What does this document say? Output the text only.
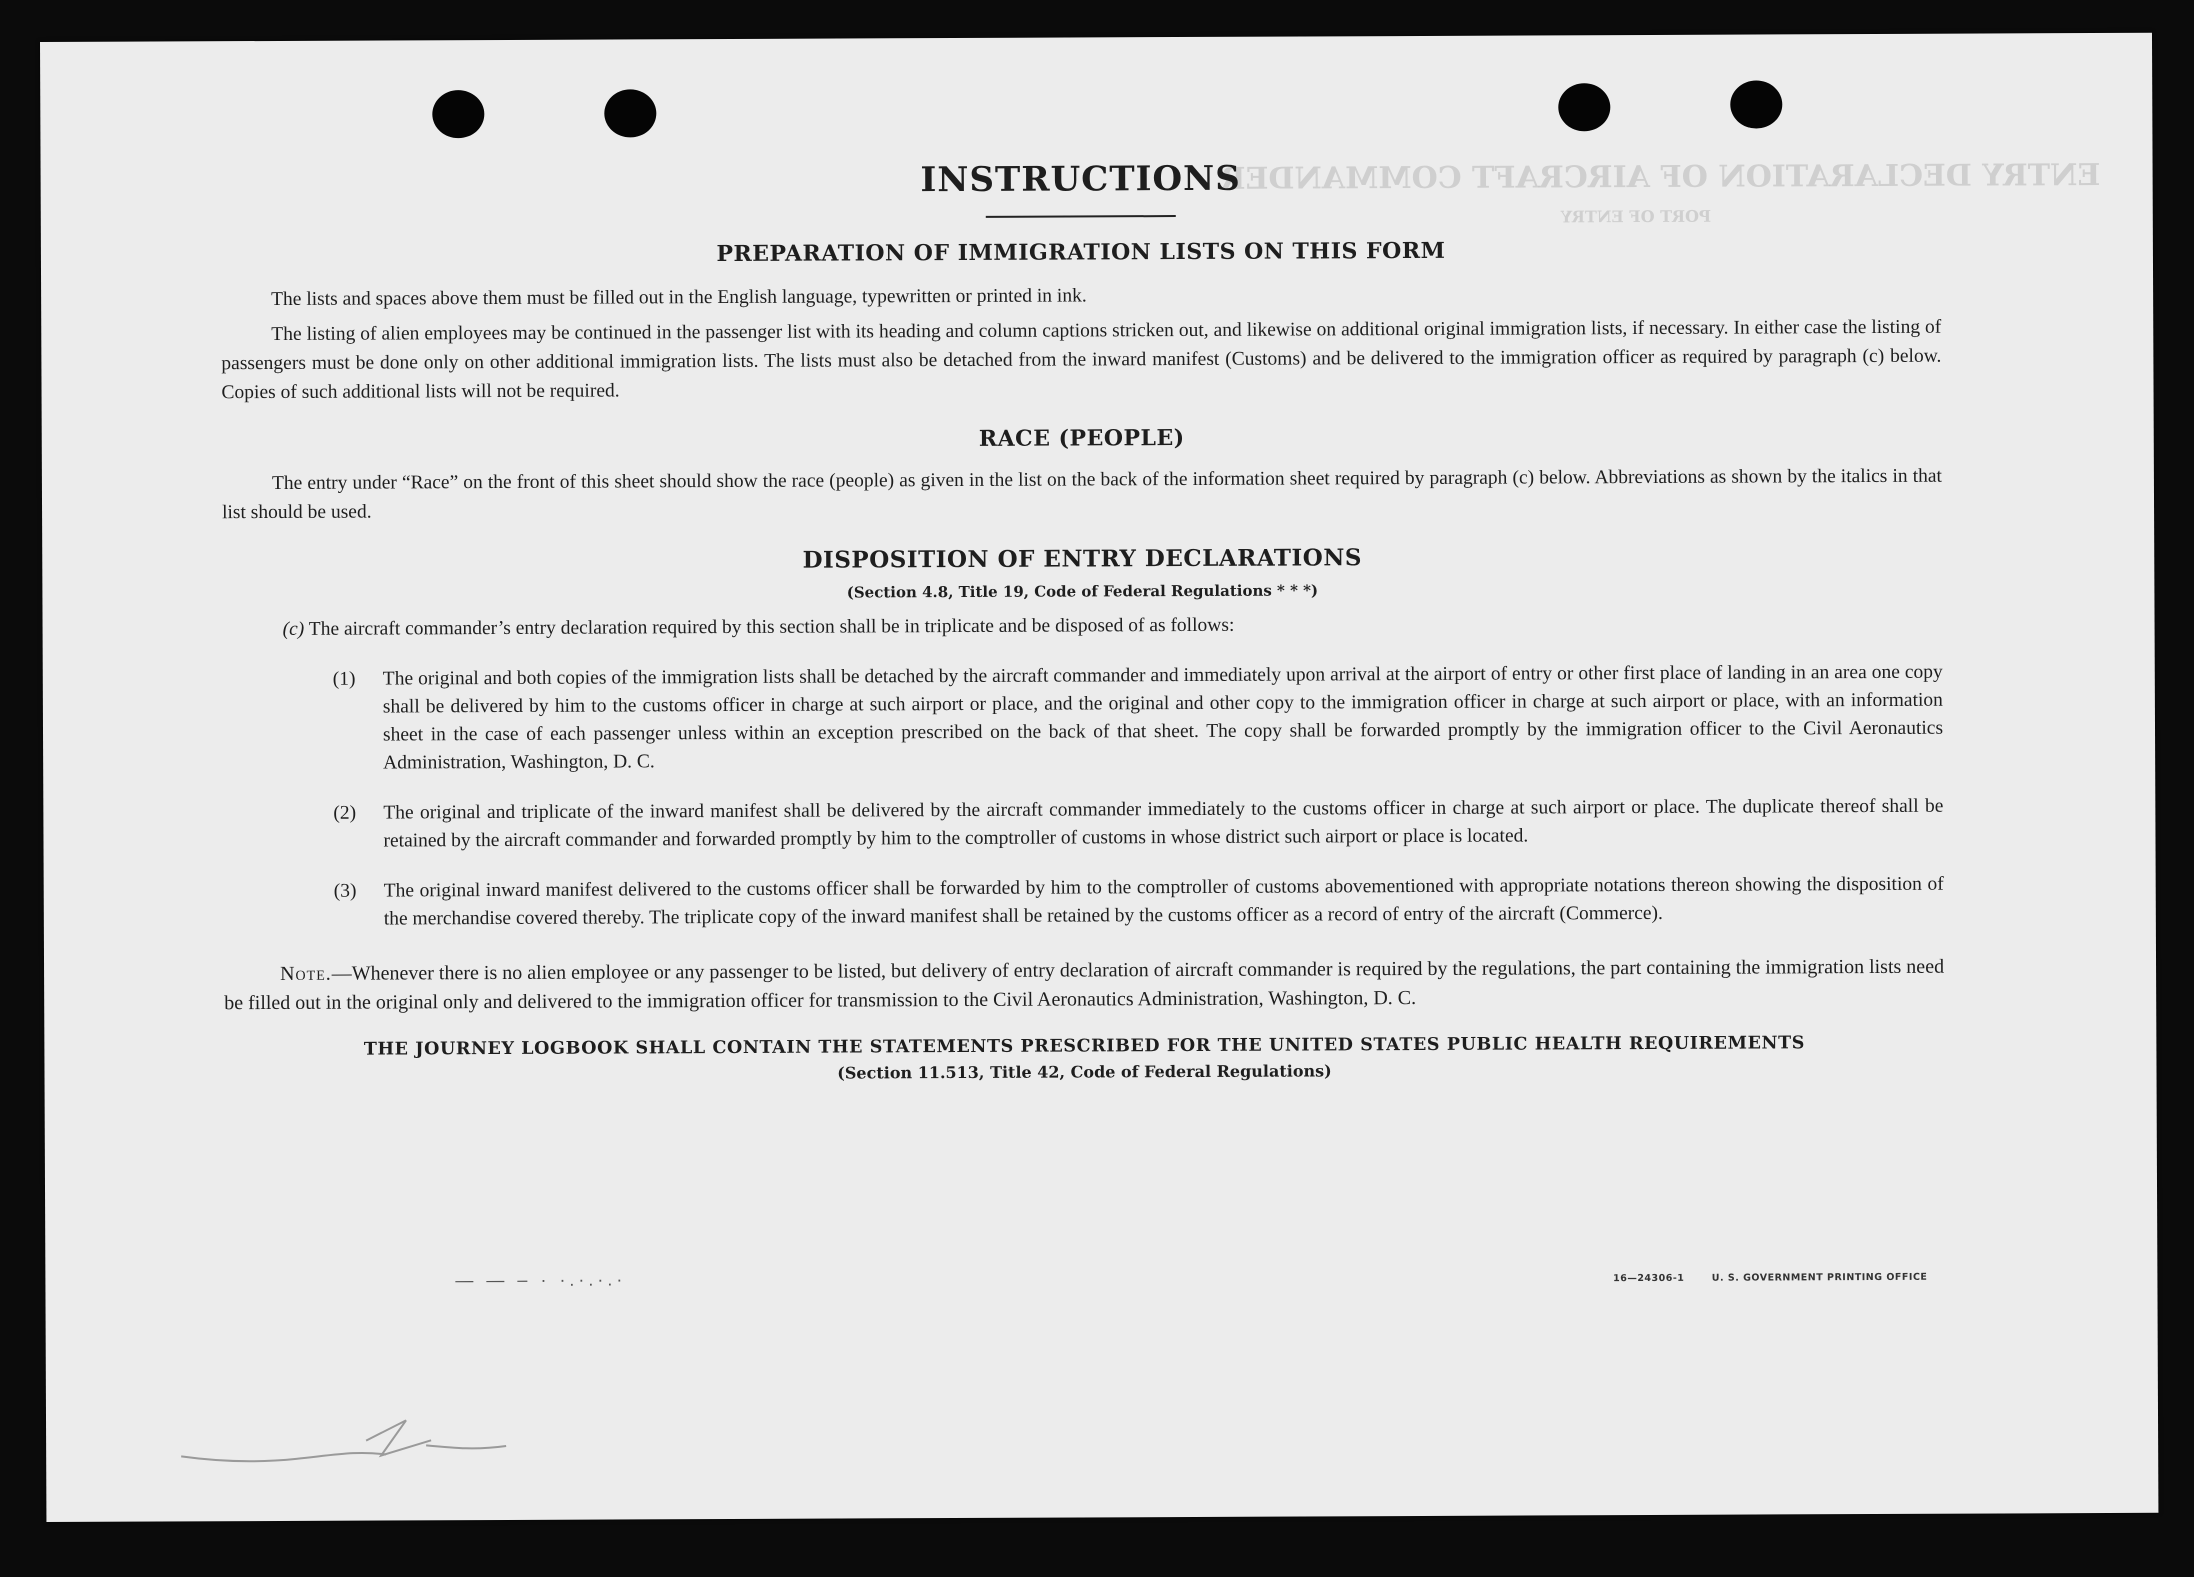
ENTRY DECLARATION OF AIRCRAFT COMMANDER
PORT OF ENTRY
INSTRUCTIONS
PREPARATION OF IMMIGRATION LISTS ON THIS FORM

The lists and spaces above them must be filled out in the English language, typewritten or printed in ink.

The listing of alien employees may be continued in the passenger list with its heading and column captions stricken out, and likewise on additional original immigration lists, if necessary. In either case the listing of passengers must be done only on other additional immigration lists. The lists must also be detached from the inward manifest (Customs) and be delivered to the immigration officer as required by paragraph (c) below. Copies of such additional lists will not be required.

RACE (PEOPLE)

The entry under “Race” on the front of this sheet should show the race (people) as given in the list on the back of the information sheet required by paragraph (c) below. Abbreviations as shown by the italics in that list should be used.

DISPOSITION OF ENTRY DECLARATIONS
(Section 4.8, Title 19, Code of Federal Regulations * * *)
(c) The aircraft commander’s entry declaration required by this section shall be in triplicate and be disposed of as follows:
(1)	The original and both copies of the immigration lists shall be detached by the aircraft commander and immediately upon arrival at the airport of entry or other first place of landing in an area one copy shall be delivered by him to the customs officer in charge at such airport or place, and the original and other copy to the immigration officer in charge at such airport or place, with an information sheet in the case of each passenger unless within an exception prescribed on the back of that sheet. The copy shall be forwarded promptly by the immigration officer to the Civil Aeronautics Administration, Washington, D. C.
(2)	The original and triplicate of the inward manifest shall be delivered by the aircraft commander immediately to the customs officer in charge at such airport or place. The duplicate thereof shall be retained by the aircraft commander and forwarded promptly by him to the comptroller of customs in whose district such airport or place is located.
(3)	The original inward manifest delivered to the customs officer shall be forwarded by him to the comptroller of customs abovementioned with appropriate notations thereon showing the disposition of the merchandise covered thereby. The triplicate copy of the inward manifest shall be retained by the customs officer as a record of entry of the aircraft (Commerce).

Note.—Whenever there is no alien employee or any passenger to be listed, but delivery of entry declaration of aircraft commander is required by the regulations, the part containing the immigration lists need be filled out in the original only and delivered to the immigration officer for transmission to the Civil Aeronautics Administration, Washington, D. C.

THE JOURNEY LOGBOOK SHALL CONTAIN THE STATEMENTS PRESCRIBED FOR THE UNITED STATES PUBLIC HEALTH REQUIREMENTS
(Section 11.513, Title 42, Code of Federal Regulations)
— — – · ·.·.·.·	16—24306-1	U. S. GOVERNMENT PRINTING OFFICE
